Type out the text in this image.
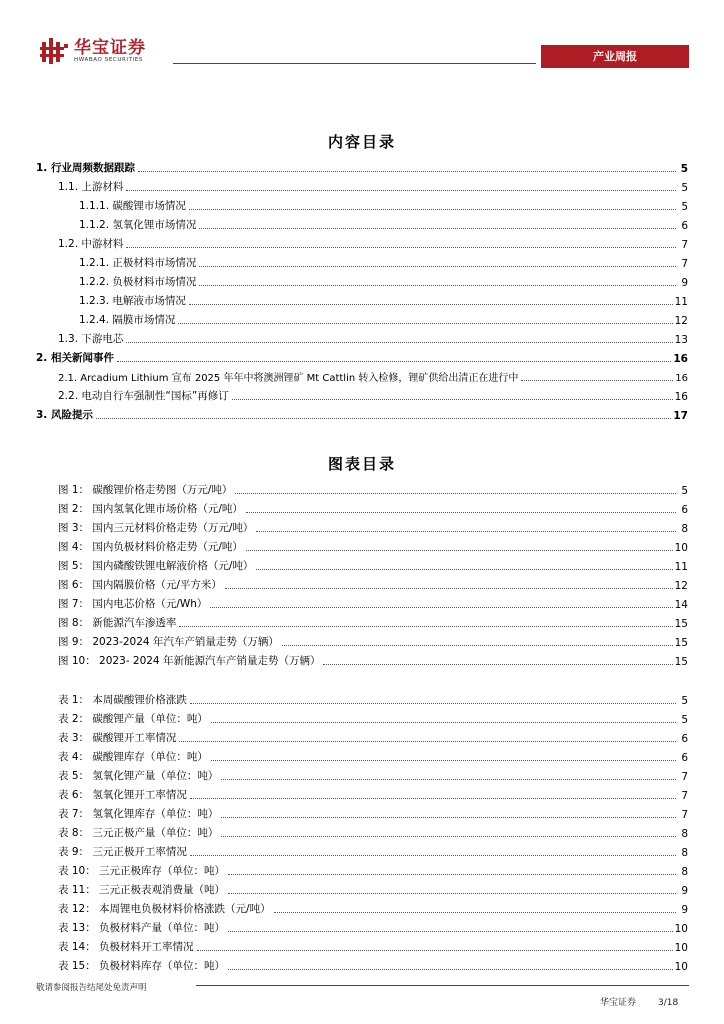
华宝证券
HWABAO SECURITIES	产业周报
内容目录
1. 行业周频数据跟踪	5
1.1. 上游材料	5
1.1.1. 碳酸锂市场情况	5
1.1.2. 氢氧化锂市场情况	6
1.2. 中游材料	7
1.2.1. 正极材料市场情况	7
1.2.2. 负极材料市场情况	9
1.2.3. 电解液市场情况	11
1.2.4. 隔膜市场情况	12
1.3. 下游电芯	13
2. 相关新闻事件	16
2.1. Arcadium Lithium 宣布 2025 年年中将澳洲锂矿 Mt Cattlin 转入检修，锂矿供给出清正在进行中	16
2.2. 电动自行车强制性“国标”再修订	16
3. 风险提示	17
图表目录
图 1： 碳酸锂价格走势图（万元/吨）	5
图 2： 国内氢氧化锂市场价格（元/吨）	6
图 3： 国内三元材料价格走势（万元/吨）	8
图 4： 国内负极材料价格走势（元/吨）	10
图 5： 国内磷酸铁锂电解液价格（元/吨）	11
图 6： 国内隔膜价格（元/平方米）	12
图 7： 国内电芯价格（元/Wh）	14
图 8： 新能源汽车渗透率	15
图 9： 2023-2024 年汽车产销量走势（万辆）	15
图 10： 2023- 2024 年新能源汽车产销量走势（万辆）	15
表 1： 本周碳酸锂价格涨跌	5
表 2： 碳酸锂产量（单位：吨）	5
表 3： 碳酸锂开工率情况	6
表 4： 碳酸锂库存（单位：吨）	6
表 5： 氢氧化锂产量（单位：吨）	7
表 6： 氢氧化锂开工率情况	7
表 7： 氢氧化锂库存（单位：吨）	7
表 8： 三元正极产量（单位：吨）	8
表 9： 三元正极开工率情况	8
表 10： 三元正极库存（单位：吨）	8
表 11： 三元正极表观消费量（吨）	9
表 12： 本周锂电负极材料价格涨跌（元/吨）	9
表 13： 负极材料产量（单位：吨）	10
表 14： 负极材料开工率情况	10
表 15： 负极材料库存（单位：吨）	10
敬请参阅报告结尾处免责声明
华宝证券 3/18
